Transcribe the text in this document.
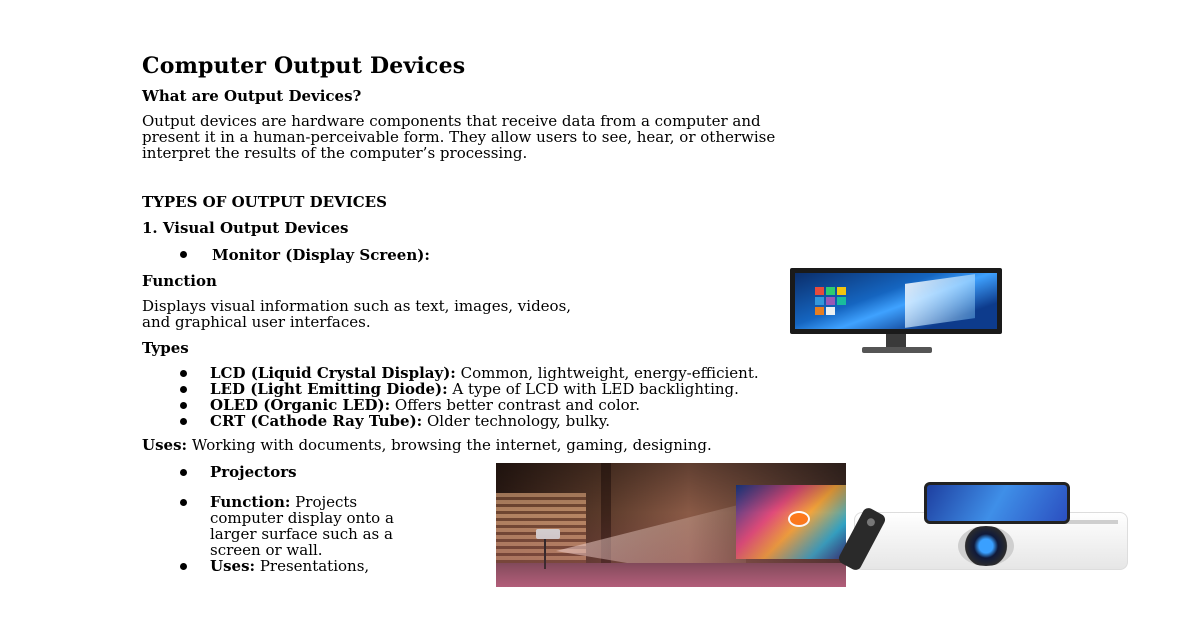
Computer Output Devices
What are Output Devices?
Output devices are hardware components that receive data from a computer and
present it in a human-perceivable form. They allow users to see, hear, or otherwise
interpret the results of the computer’s processing.
TYPES OF OUTPUT DEVICES
1. Visual Output Devices
Monitor (Display Screen):
Function
Displays visual information such as text, images, videos,
and graphical user interfaces.
Types
LCD (Liquid Crystal Display): Common, lightweight, energy-efficient.
LED (Light Emitting Diode): A type of LCD with LED backlighting.
OLED (Organic LED): Offers better contrast and color.
CRT (Cathode Ray Tube): Older technology, bulky.
Uses: Working with documents, browsing the internet, gaming, designing.
Projectors
Function: Projects
computer display onto a
larger surface such as a
screen or wall.
Uses: Presentations,
